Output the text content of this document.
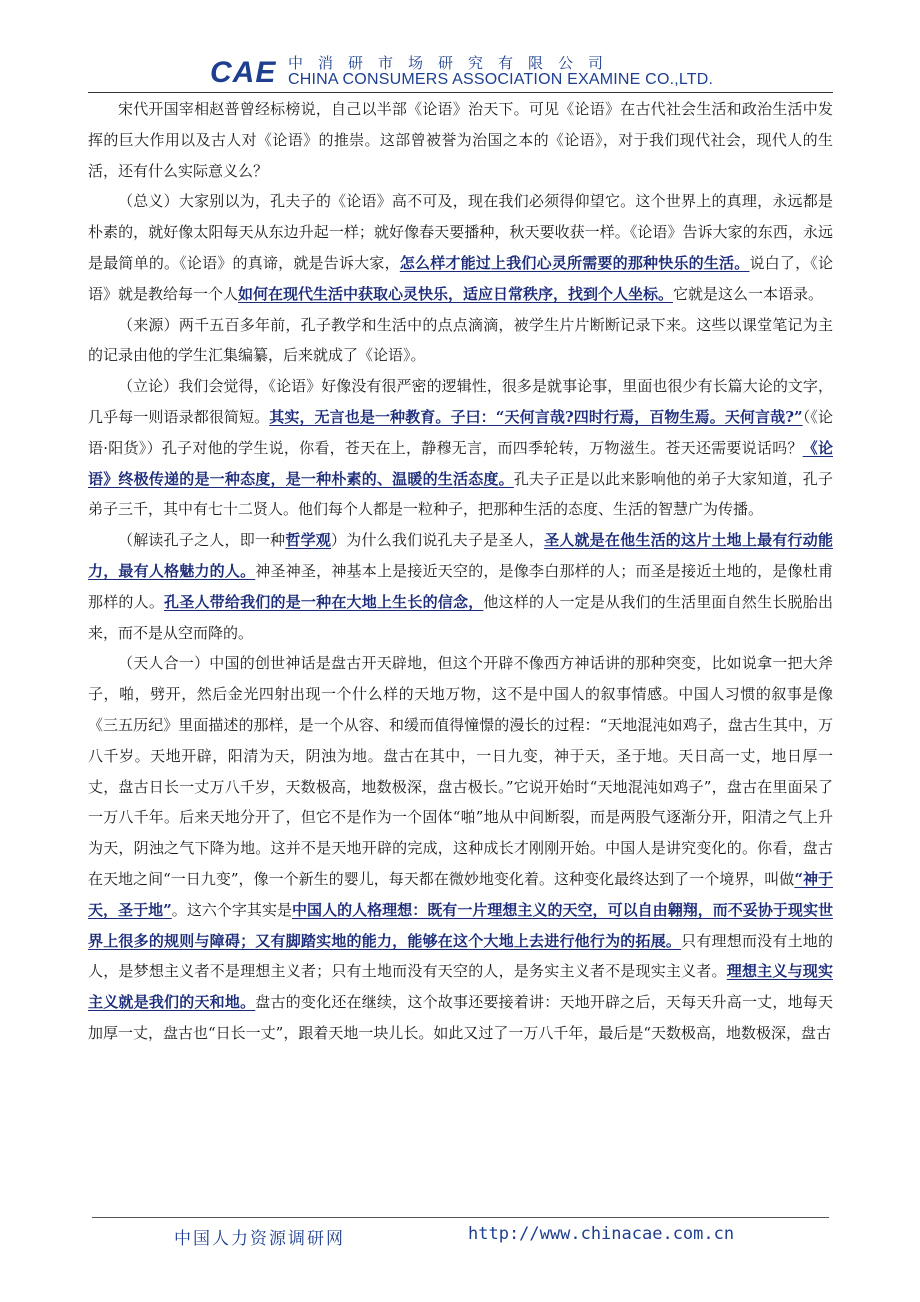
CAE 中消研市场研究有限公司
CHINA CONSUMERS ASSOCIATION EXAMINE CO.,LTD.

宋代开国宰相赵普曾经标榜说，自己以半部《论语》治天下。可见《论语》在古代社会生活和政治生活中发挥的巨大作用以及古人对《论语》的推崇。这部曾被誉为治国之本的《论语》，对于我们现代社会，现代人的生活，还有什么实际意义么？

（总义）大家别以为，孔夫子的《论语》高不可及，现在我们必须得仰望它。这个世界上的真理，永远都是朴素的，就好像太阳每天从东边升起一样；就好像春天要播种，秋天要收获一样。《论语》告诉大家的东西，永远是最简单的。《论语》的真谛，就是告诉大家，怎么样才能过上我们心灵所需要的那种快乐的生活。说白了，《论语》就是教给每一个人如何在现代生活中获取心灵快乐，适应日常秩序，找到个人坐标。它就是这么一本语录。

（来源）两千五百多年前，孔子教学和生活中的点点滴滴，被学生片片断断记录下来。这些以课堂笔记为主的记录由他的学生汇集编纂，后来就成了《论语》。

（立论）我们会觉得，《论语》好像没有很严密的逻辑性，很多是就事论事，里面也很少有长篇大论的文字，几乎每一则语录都很简短。其实，无言也是一种教育。子曰：“天何言哉?四时行焉，百物生焉。天何言哉?”（《论语·阳货》）孔子对他的学生说，你看，苍天在上，静穆无言，而四季轮转，万物滋生。苍天还需要说话吗？《论语》终极传递的是一种态度，是一种朴素的、温暖的生活态度。孔夫子正是以此来影响他的弟子大家知道，孔子弟子三千，其中有七十二贤人。他们每个人都是一粒种子，把那种生活的态度、生活的智慧广为传播。

（解读孔子之人，即一种哲学观）为什么我们说孔夫子是圣人，圣人就是在他生活的这片土地上最有行动能力，最有人格魅力的人。神圣神圣，神基本上是接近天空的，是像李白那样的人；而圣是接近土地的，是像杜甫那样的人。孔圣人带给我们的是一种在大地上生长的信念，他这样的人一定是从我们的生活里面自然生长脱胎出来，而不是从空而降的。

（天人合一）中国的创世神话是盘古开天辟地，但这个开辟不像西方神话讲的那种突变，比如说拿一把大斧子，啪，劈开，然后金光四射出现一个什么样的天地万物，这不是中国人的叙事情感。中国人习惯的叙事是像《三五历纪》里面描述的那样，是一个从容、和缓而值得憧憬的漫长的过程：“天地混沌如鸡子，盘古生其中，万八千岁。天地开辟，阳清为天，阴浊为地。盘古在其中，一日九变，神于天，圣于地。天日高一丈，地日厚一丈，盘古日长一丈万八千岁，天数极高，地数极深，盘古极长。”它说开始时“天地混沌如鸡子”，盘古在里面呆了一万八千年。后来天地分开了，但它不是作为一个固体“啪”地从中间断裂，而是两股气逐渐分开，阳清之气上升为天，阴浊之气下降为地。这并不是天地开辟的完成，这种成长才刚刚开始。中国人是讲究变化的。你看，盘古在天地之间“一日九变”，像一个新生的婴儿，每天都在微妙地变化着。这种变化最终达到了一个境界，叫做“神于天，圣于地”。这六个字其实是中国人的人格理想：既有一片理想主义的天空，可以自由翱翔，而不妥协于现实世界上很多的规则与障碍；又有脚踏实地的能力，能够在这个大地上去进行他行为的拓展。只有理想而没有土地的人，是梦想主义者不是理想主义者；只有土地而没有天空的人，是务实主义者不是现实主义者。理想主义与现实主义就是我们的天和地。盘古的变化还在继续，这个故事还要接着讲：天地开辟之后，天每天升高一丈，地每天加厚一丈，盘古也“日长一丈”，跟着天地一块儿长。如此又过了一万八千年，最后是“天数极高，地数极深，盘古

中国人力资源调研网	http://www.chinacae.com.cn
